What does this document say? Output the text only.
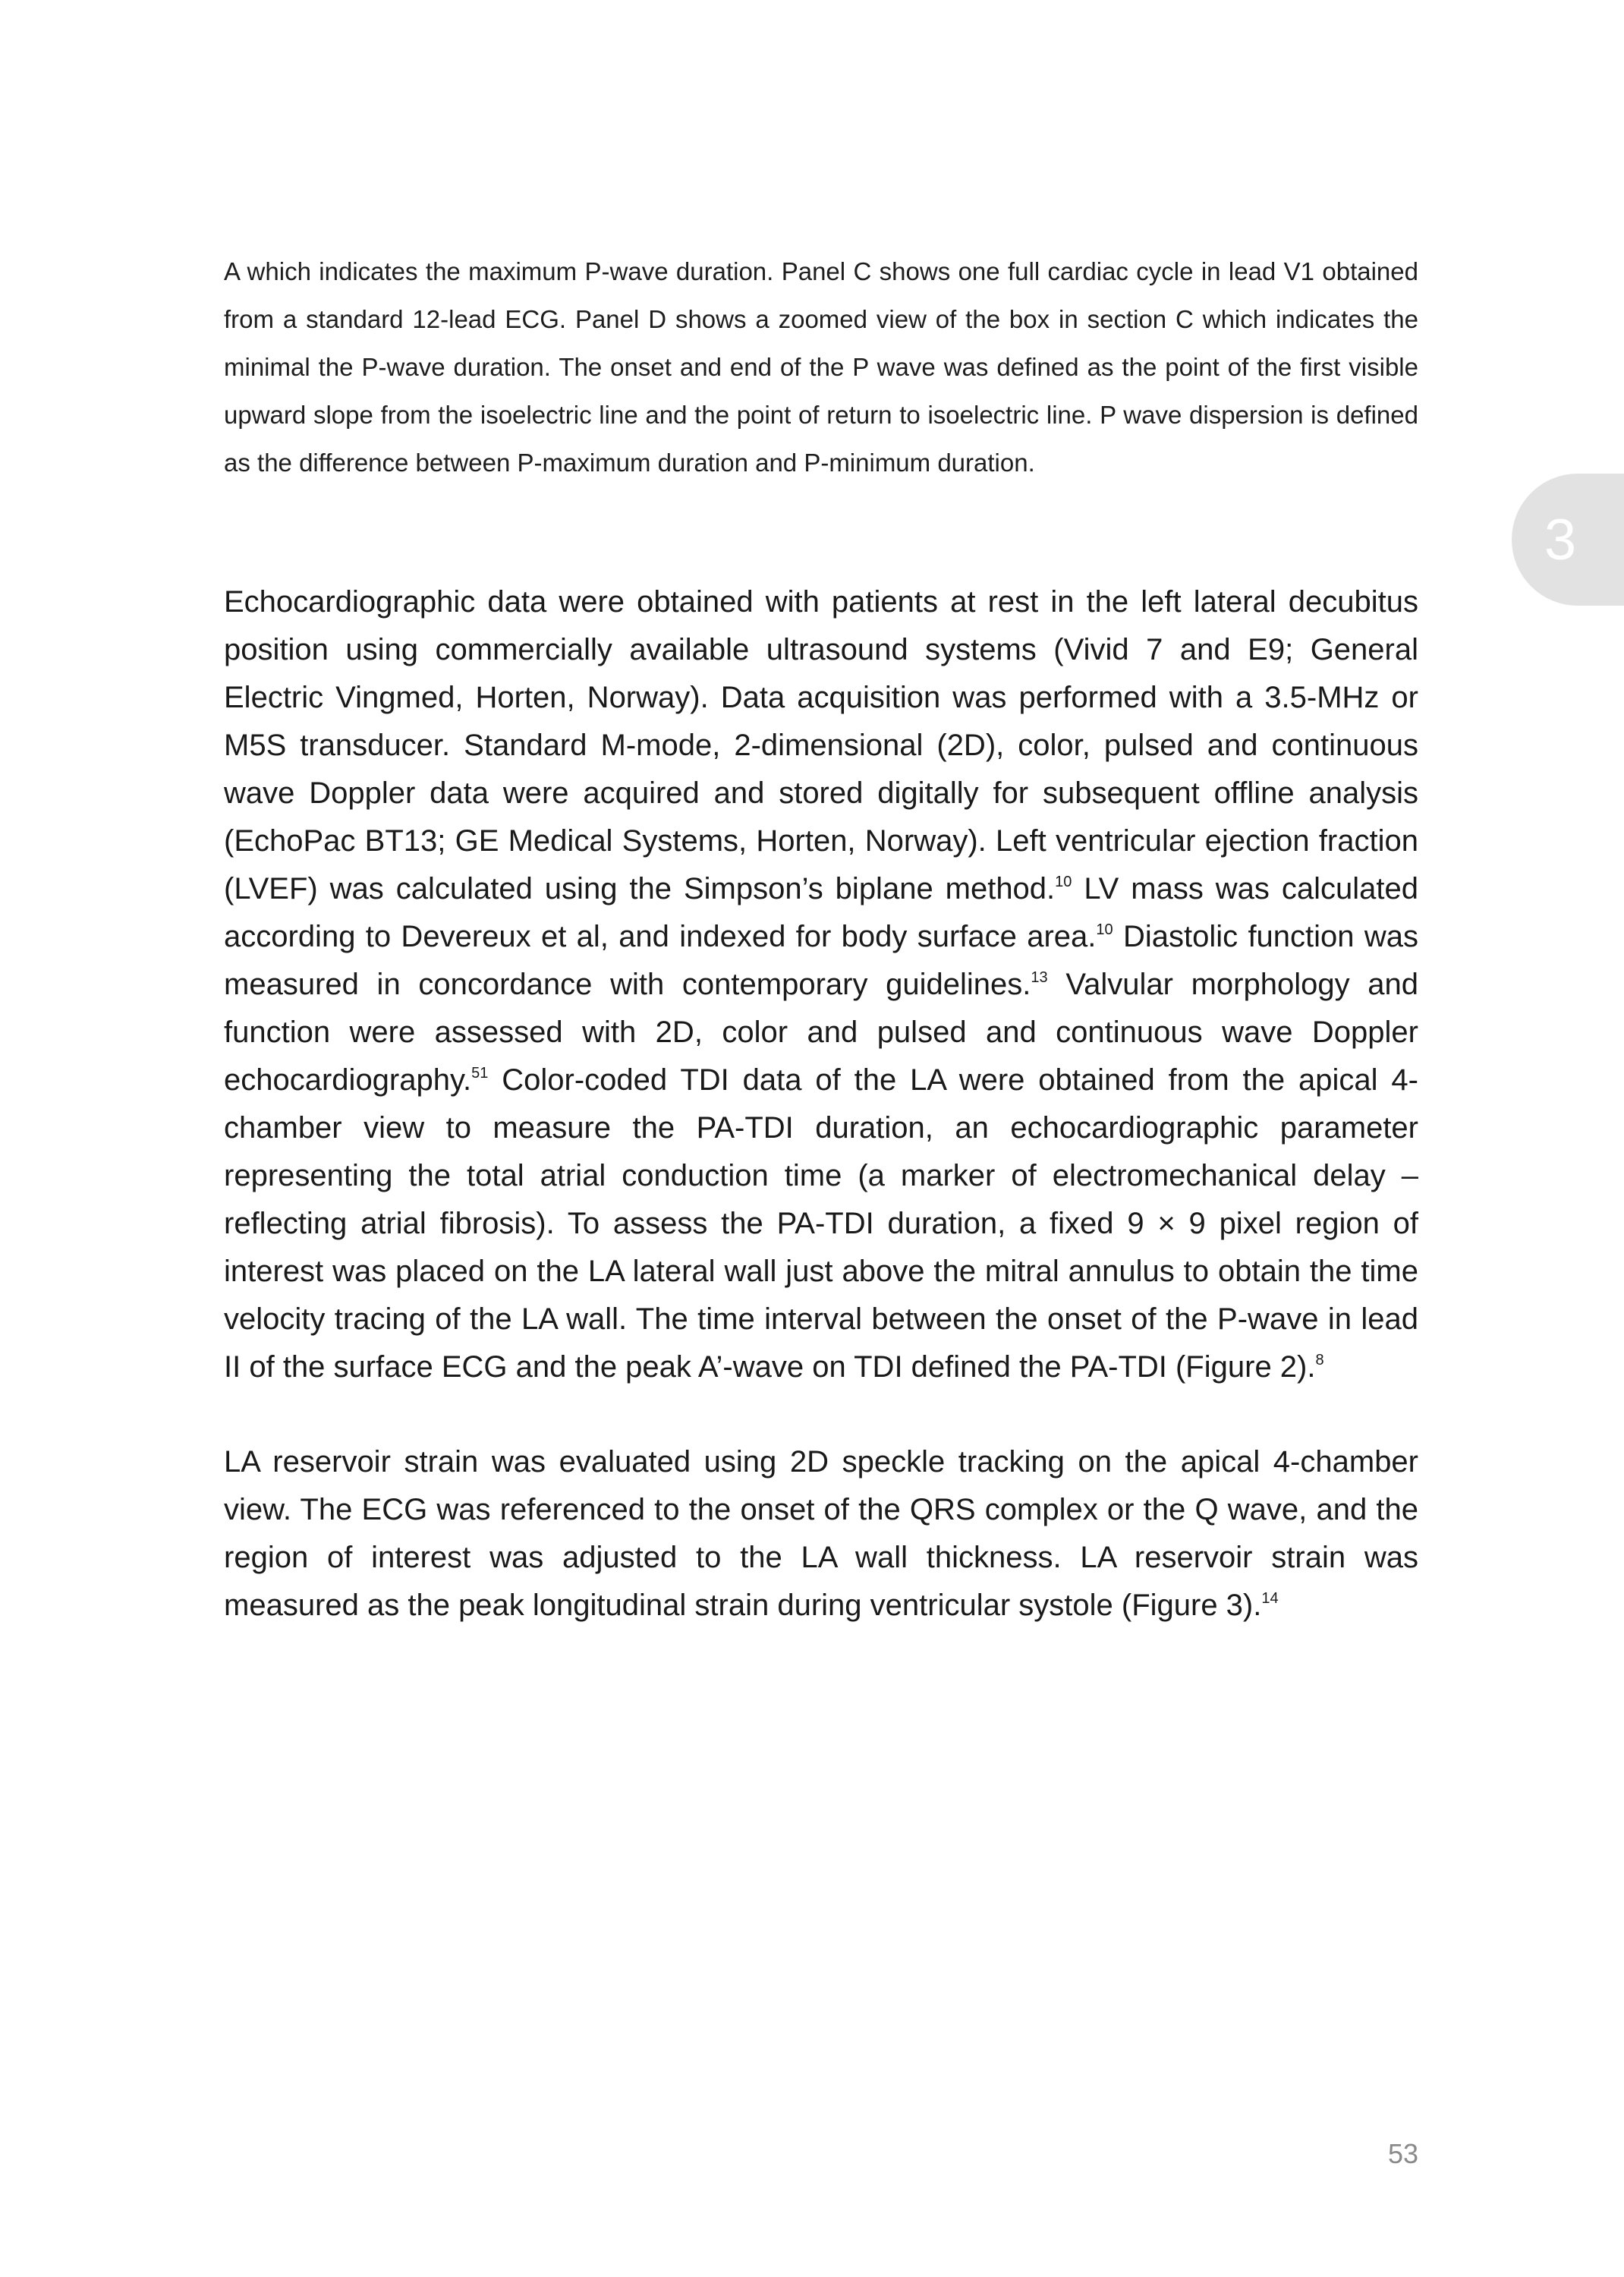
A which indicates the maximum P-wave duration. Panel C shows one full cardiac cycle in lead V1 obtained from a standard 12-lead ECG. Panel D shows a zoomed view of the box in section C which indicates the minimal the P-wave duration. The onset and end of the P wave was defined as the point of the first visible upward slope from the isoelectric line and the point of return to isoelectric line. P wave dispersion is defined as the difference between P-maximum duration and P-minimum duration.

3

Echocardiographic data were obtained with patients at rest in the left lateral decubitus position using commercially available ultrasound systems (Vivid 7 and E9; General Electric Vingmed, Horten, Norway). Data acquisition was performed with a 3.5-MHz or M5S transducer. Standard M-mode, 2-dimensional (2D), color, pulsed and continuous wave Doppler data were acquired and stored digitally for subsequent offline analysis (EchoPac BT13; GE Medical Systems, Horten, Norway). Left ventricular ejection fraction (LVEF) was calculated using the Simpson’s biplane method.$^{10}$ LV mass was calculated according to Devereux et al, and indexed for body surface area.$^{10}$ Diastolic function was measured in concordance with contemporary guidelines.$^{13}$ Valvular morphology and function were assessed with 2D, color and pulsed and continuous wave Doppler echocardiography.$^{51}$ Color-coded TDI data of the LA were obtained from the apical 4-chamber view to measure the PA-TDI duration, an echocardiographic parameter representing the total atrial conduction time (a marker of electromechanical delay – reflecting atrial fibrosis). To assess the PA-TDI duration, a fixed 9 × 9 pixel region of interest was placed on the LA lateral wall just above the mitral annulus to obtain the time velocity tracing of the LA wall. The time interval between the onset of the P-wave in lead II of the surface ECG and the peak A’-wave on TDI defined the PA-TDI (Figure 2).$^8$

LA reservoir strain was evaluated using 2D speckle tracking on the apical 4-chamber view. The ECG was referenced to the onset of the QRS complex or the Q wave, and the region of interest was adjusted to the LA wall thickness. LA reservoir strain was measured as the peak longitudinal strain during ventricular systole (Figure 3).$^{14}$

53
